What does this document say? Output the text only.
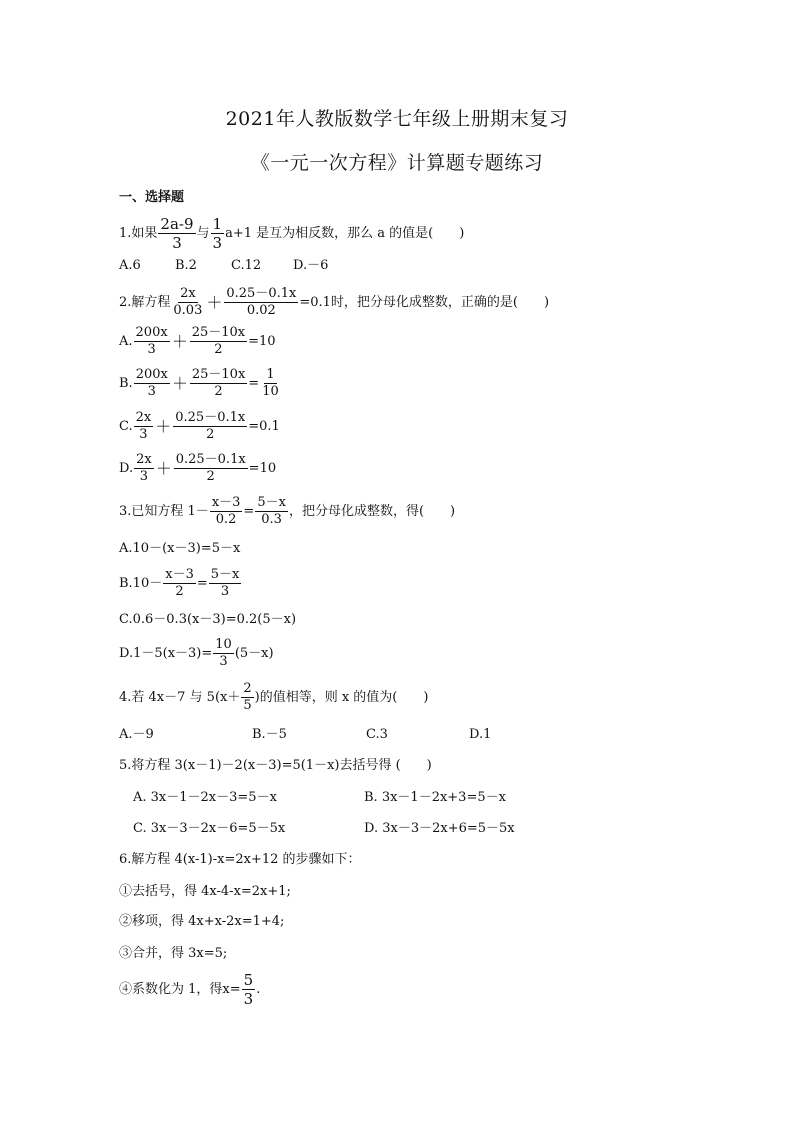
2021年人教版数学七年级上册期末复习
《一元一次方程》计算题专题练习
一、选择题
1.如果 $\frac{2a-9}{3}$ 与 $\frac{1}{3} a+1$ 是互为相反数，那么 a 的值是(　　)
A.6	B.2	C.12	D.－6
2.解方程 $\frac{2x}{0.03} + \frac{0.25-0.1x}{0.02} =0.1$时，把分母化成整数，正确的是(　　)
A. $\frac{200x}{3} + \frac{25-10x}{2} =10$
B. $\frac{200x}{3} + \frac{25-10x}{2} = \frac{1}{10}$
C. $\frac{2x}{3} + \frac{0.25-0.1x}{2} =0.1$
D. $\frac{2x}{3} + \frac{0.25-0.1x}{2} =10$
3.已知方程 $1- \frac{x-3}{0.2} = \frac{5-x}{0.3}$ ，把分母化成整数，得(　　)
A.10－(x－3)=5－x
$B.10- \frac{x-3}{2} = \frac{5-x}{3}$
C.0.6－0.3(x－3)=0.2(5－x)
$D.1-5(x-3)= \frac{10}{3} (5-x)$
4.若 4x－7 与 $5(x+ \frac{2}{5}$ )的值相等，则 x 的值为(　　)
A.－9	B.－5	C.3	D.1
5.将方程 3(x－1)－2(x－3)=5(1－x)去括号得 (　　)
A. 3x－1－2x－3=5－x	B. 3x－1－2x+3=5－x
C. 3x－3－2x－6=5－5x	D. 3x－3－2x+6=5－5x
6.解方程 4(x-1)-x=2x+12 的步骤如下：
①去括号，得 4x-4-x=2x+1;
②移项，得 4x+x-2x=1+4;
③合并，得 3x=5;
④系数化为 1，得$x= \frac{5}{3}$ .
